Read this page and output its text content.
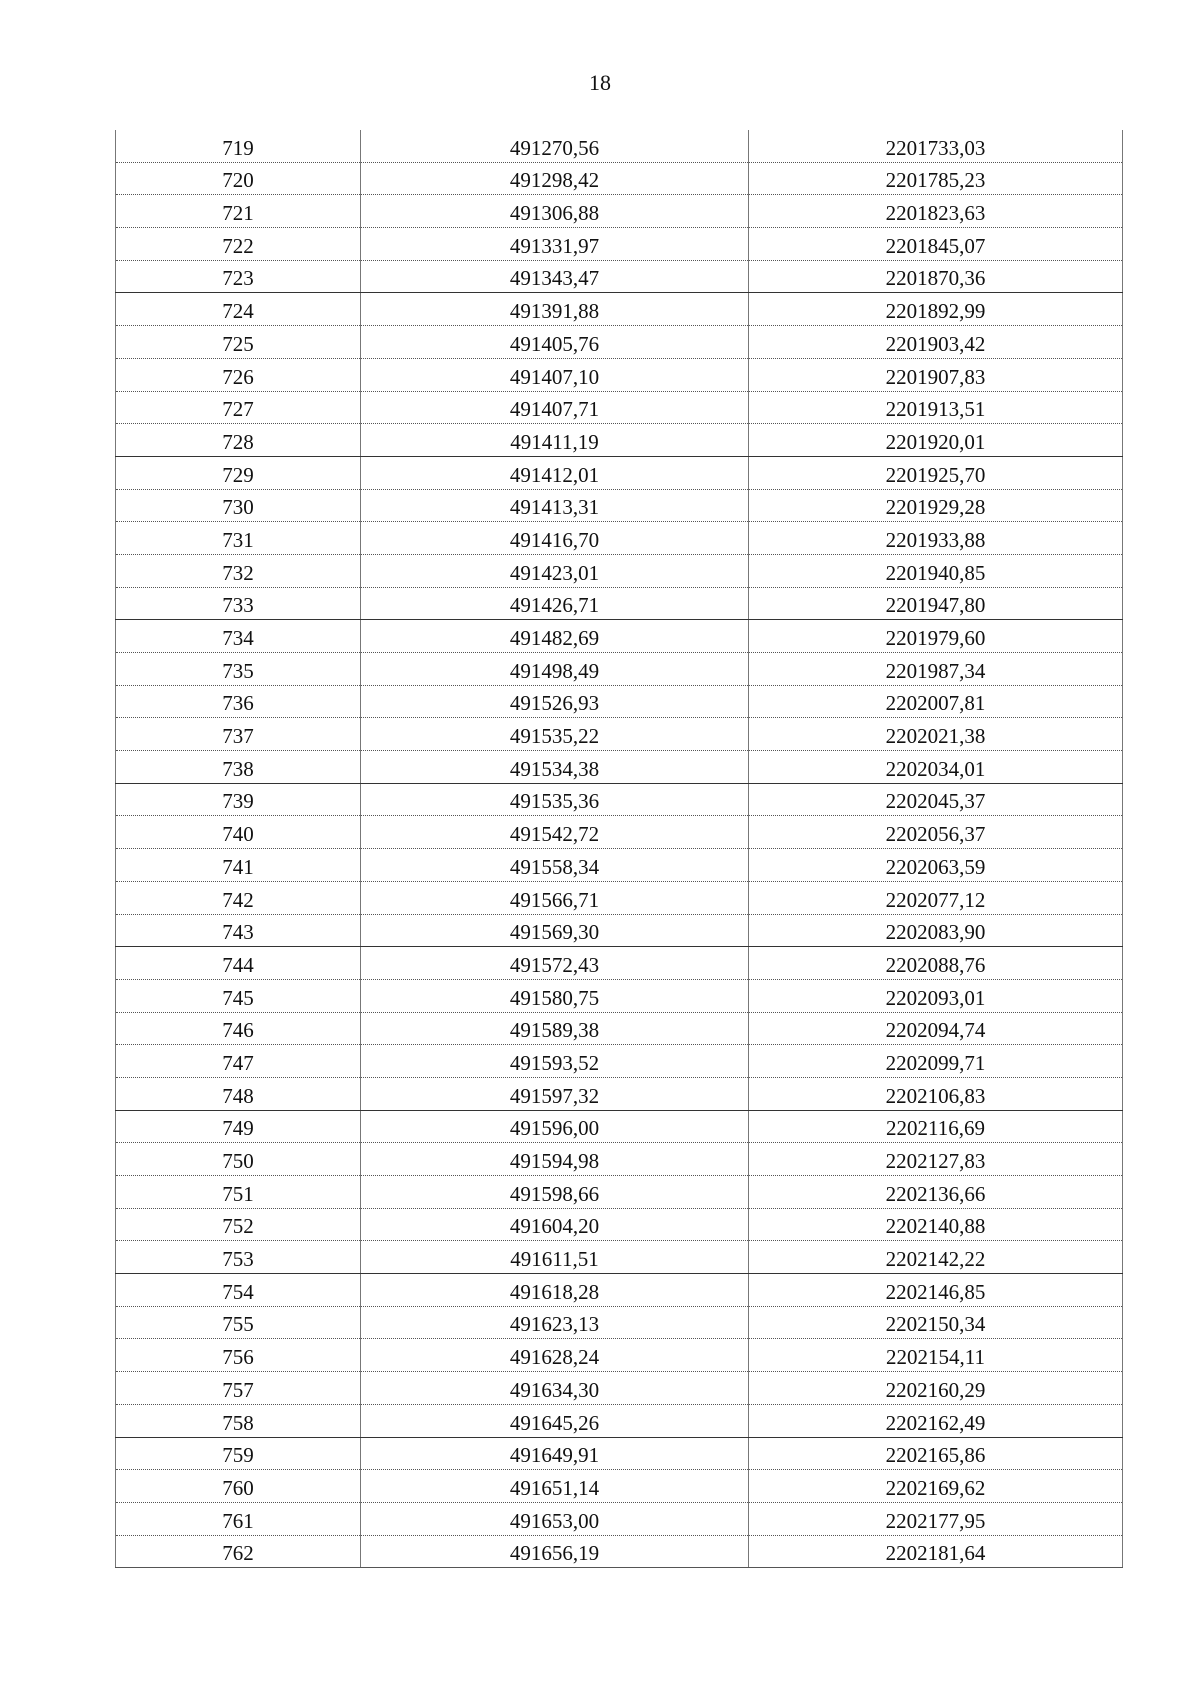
18
719	491270,56	2201733,03
720	491298,42	2201785,23
721	491306,88	2201823,63
722	491331,97	2201845,07
723	491343,47	2201870,36
724	491391,88	2201892,99
725	491405,76	2201903,42
726	491407,10	2201907,83
727	491407,71	2201913,51
728	491411,19	2201920,01
729	491412,01	2201925,70
730	491413,31	2201929,28
731	491416,70	2201933,88
732	491423,01	2201940,85
733	491426,71	2201947,80
734	491482,69	2201979,60
735	491498,49	2201987,34
736	491526,93	2202007,81
737	491535,22	2202021,38
738	491534,38	2202034,01
739	491535,36	2202045,37
740	491542,72	2202056,37
741	491558,34	2202063,59
742	491566,71	2202077,12
743	491569,30	2202083,90
744	491572,43	2202088,76
745	491580,75	2202093,01
746	491589,38	2202094,74
747	491593,52	2202099,71
748	491597,32	2202106,83
749	491596,00	2202116,69
750	491594,98	2202127,83
751	491598,66	2202136,66
752	491604,20	2202140,88
753	491611,51	2202142,22
754	491618,28	2202146,85
755	491623,13	2202150,34
756	491628,24	2202154,11
757	491634,30	2202160,29
758	491645,26	2202162,49
759	491649,91	2202165,86
760	491651,14	2202169,62
761	491653,00	2202177,95
762	491656,19	2202181,64
